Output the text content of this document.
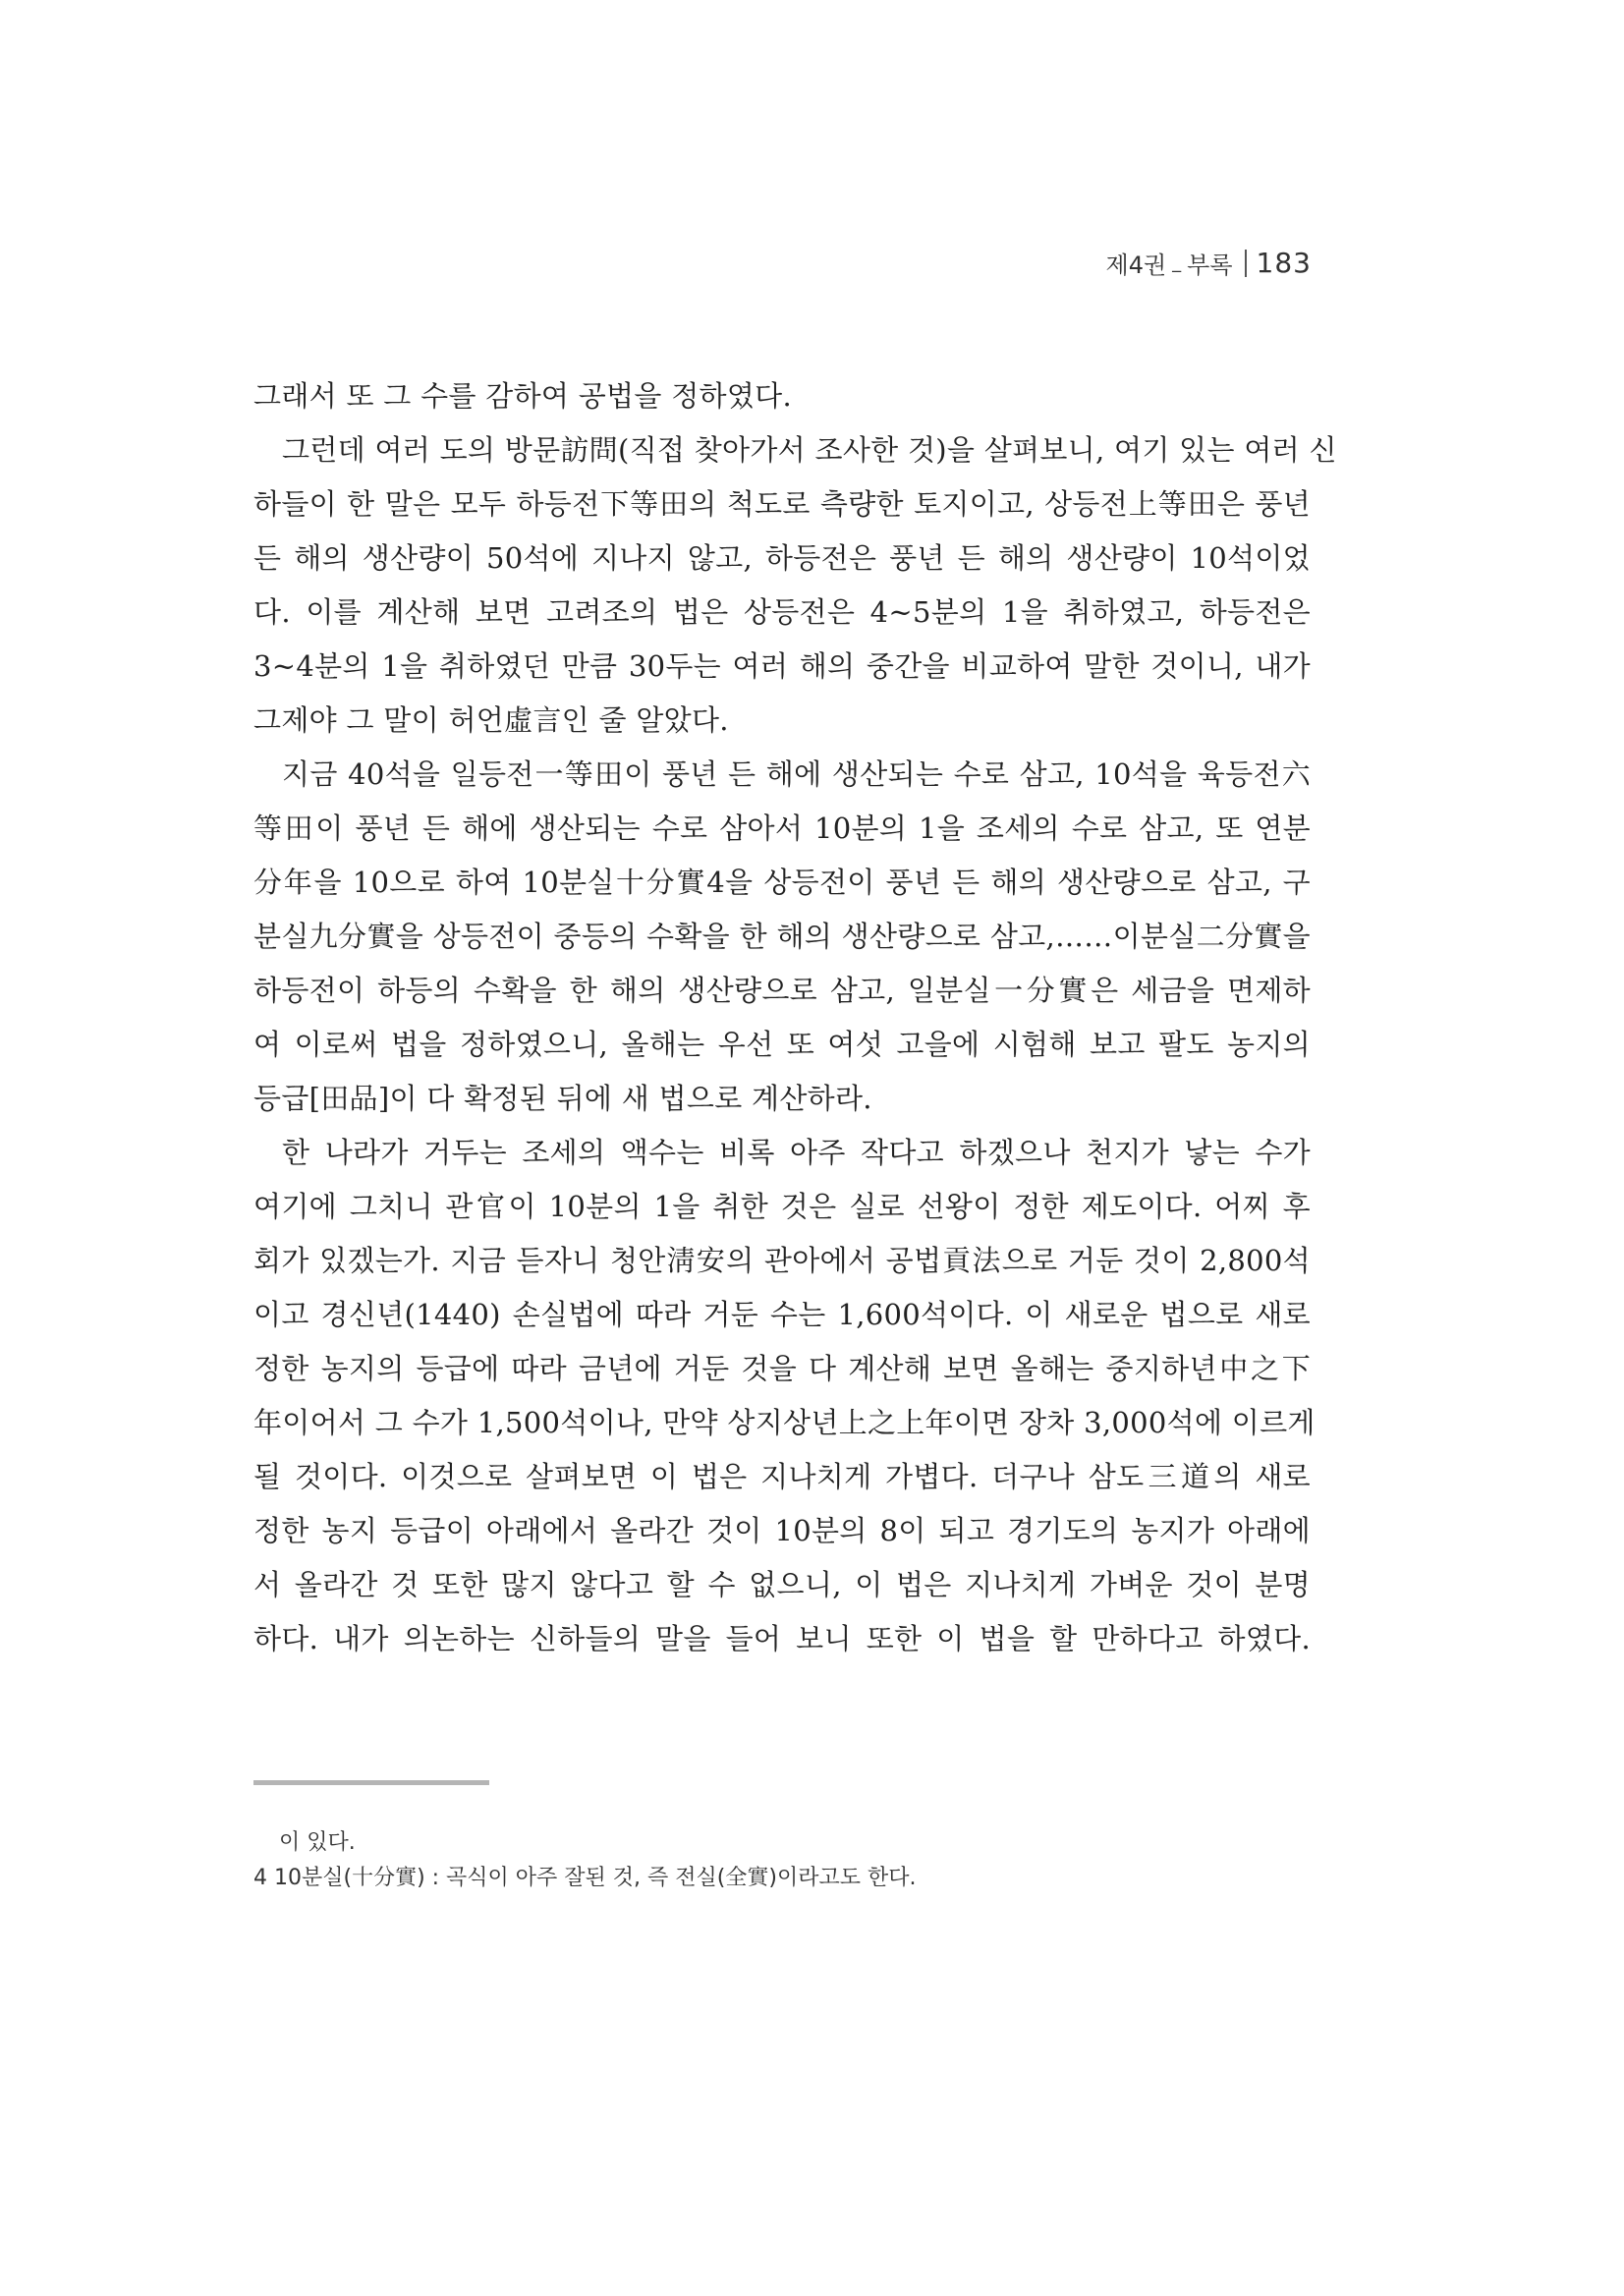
제4권 _ 부록 183
그래서 또 그 수를 감하여 공법을 정하였다.
그런데 여러 도의 방문訪問(직접 찾아가서 조사한 것)을 살펴보니, 여기 있는 여러 신
하들이 한 말은 모두 하등전下等田의 척도로 측량한 토지이고, 상등전上等田은 풍년
든 해의 생산량이 50석에 지나지 않고, 하등전은 풍년 든 해의 생산량이 10석이었
다. 이를 계산해 보면 고려조의 법은 상등전은 4~5분의 1을 취하였고, 하등전은
3~4분의 1을 취하였던 만큼 30두는 여러 해의 중간을 비교하여 말한 것이니, 내가
그제야 그 말이 허언虛言인 줄 알았다.
지금 40석을 일등전一等田이 풍년 든 해에 생산되는 수로 삼고, 10석을 육등전六
等田이 풍년 든 해에 생산되는 수로 삼아서 10분의 1을 조세의 수로 삼고, 또 연분
分年을 10으로 하여 10분실十分實4을 상등전이 풍년 든 해의 생산량으로 삼고, 구
분실九分實을 상등전이 중등의 수확을 한 해의 생산량으로 삼고,……이분실二分實을
하등전이 하등의 수확을 한 해의 생산량으로 삼고, 일분실一分實은 세금을 면제하
여 이로써 법을 정하였으니, 올해는 우선 또 여섯 고을에 시험해 보고 팔도 농지의
등급[田品]이 다 확정된 뒤에 새 법으로 계산하라.
한 나라가 거두는 조세의 액수는 비록 아주 작다고 하겠으나 천지가 낳는 수가
여기에 그치니 관官이 10분의 1을 취한 것은 실로 선왕이 정한 제도이다. 어찌 후
회가 있겠는가. 지금 듣자니 청안淸安의 관아에서 공법貢法으로 거둔 것이 2,800석
이고 경신년(1440) 손실법에 따라 거둔 수는 1,600석이다. 이 새로운 법으로 새로
정한 농지의 등급에 따라 금년에 거둔 것을 다 계산해 보면 올해는 중지하년中之下
年이어서 그 수가 1,500석이나, 만약 상지상년上之上年이면 장차 3,000석에 이르게
될 것이다. 이것으로 살펴보면 이 법은 지나치게 가볍다. 더구나 삼도三道의 새로
정한 농지 등급이 아래에서 올라간 것이 10분의 8이 되고 경기도의 농지가 아래에
서 올라간 것 또한 많지 않다고 할 수 없으니, 이 법은 지나치게 가벼운 것이 분명
하다. 내가 의논하는 신하들의 말을 들어 보니 또한 이 법을 할 만하다고 하였다.
이 있다.
4 10분실(十分實) : 곡식이 아주 잘된 것, 즉 전실(全實)이라고도 한다.
